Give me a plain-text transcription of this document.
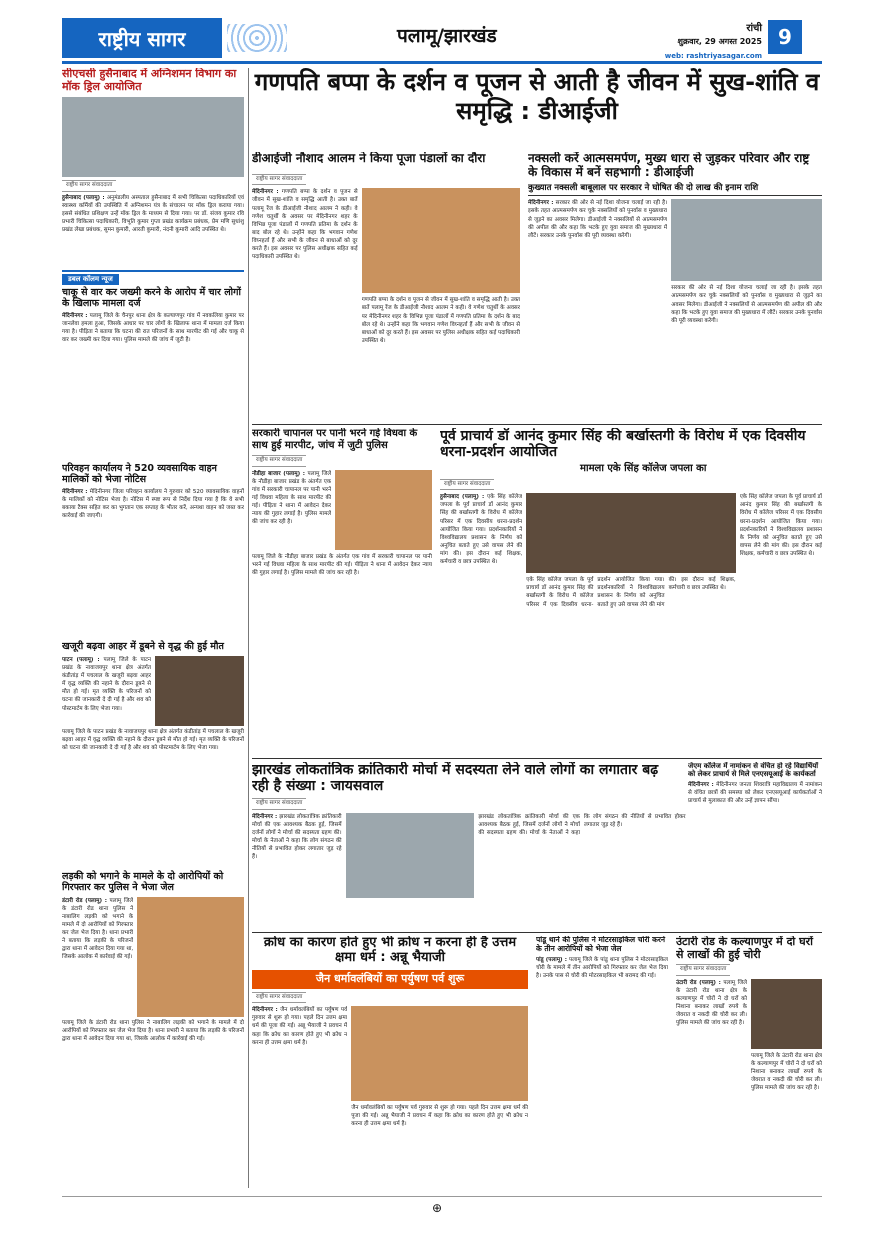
राष्ट्रीय सागर	पलामू/झारखंड	रांची
शुक्रवार, 29 अगस्त 2025
web: rashtriyasagar.com
9
सीएचसी हुसैनाबाद में अग्निशमन विभाग का मॉक ड्रिल आयोजित
राष्ट्रीय सागर संवाददाता
हुसैनाबाद (पलामू) : अनुमंडलीय अस्पताल हुसैनाबाद में सभी चिकित्सा पदाधिकारियों एवं स्वास्थ्य कर्मियों की उपस्थिति में अग्निशमन यंत्र के संचालन पर मॉक ड्रिल कराया गया। इससे संबंधित प्रशिक्षण उन्हें मॉक ड्रिल के माध्यम से दिया गया। पर डॉ. संजय कुमार रवि प्रभारी चिकित्सा पदाधिकारी, विभूति कुमार गुप्ता प्रखंड कार्यक्रम प्रबंधक, प्रेम मणि सुधांशु प्रखंड लेखा प्रबंधक, सुमन कुमारी, आरती कुमारी, नंदनी कुमारी आदि उपस्थित थे।
डबल कॉलम न्यूज
चाकू से वार कर जख्मी करने के आरोप में चार लोगों के खिलाफ मामला दर्ज
मेदिनीनगर : पलामू जिले के चैनपुर थाना क्षेत्र के कल्याणपुर गांव में नवकलिया कुमार पर जानलेवा हमला हुआ, जिसके आधार पर चार लोगों के खिलाफ थाना में मामला दर्ज किया गया है। पीड़िता ने बताया कि घटना की रात परिजनों के साथ मारपीट की गई और चाकू से वार कर जख्मी कर दिया गया। पुलिस मामले की जांच में जुटी है।
परिवहन कार्यालय ने 520 व्यवसायिक वाहन मालिकों को भेजा नोटिस
मेदिनीनगर : मेदिनीनगर जिला परिवहन कार्यालय ने गुरुवार को 520 व्यावसायिक वाहनों के मालिकों को नोटिस भेजा है। नोटिस में स्पष्ट रूप से निर्देश दिया गया है कि वे सभी बकाया टैक्स सहित कर का भुगतान एक सप्ताह के भीतर करें, अन्यथा वाहन को जब्त कर कार्रवाई की जाएगी।
खजूरी बढ़वा आहर में डूबने से वृद्ध की हुई मौत
पाटन (पलामू) : पलामू जिले के पाटन प्रखंड के नावाजयपुर थाना क्षेत्र अंतर्गत कंडीतांड़ में पचलाल के खजूरी बढ़वा आहर में वृद्ध व्यक्ति की नहाने के दौरान डूबने से मौत हो गई। मृत व्यक्ति के परिजनों को घटना की जानकारी दे दी गई है और शव को पोस्टमार्टम के लिए भेजा गया।
पलामू जिले के पाटन प्रखंड के नावाजयपुर थाना क्षेत्र अंतर्गत कंडीतांड़ में पचलाल के खजूरी बढ़वा आहर में वृद्ध व्यक्ति की नहाने के दौरान डूबने से मौत हो गई। मृत व्यक्ति के परिजनों को घटना की जानकारी दे दी गई है और शव को पोस्टमार्टम के लिए भेजा गया।
लड़की को भगाने के मामले के दो आरोपियों को गिरफ्तार कर पुलिस ने भेजा जेल
डंटारी रोड (पलामू) : पलामू जिले के डंटारी रोड थाना पुलिस ने नाबालिग लड़की को भगाने के मामले में दो आरोपियों को गिरफ्तार कर जेल भेज दिया है। थाना प्रभारी ने बताया कि लड़की के परिजनों द्वारा थाना में आवेदन दिया गया था, जिसके आलोक में कार्रवाई की गई।
पलामू जिले के डंटारी रोड थाना पुलिस ने नाबालिग लड़की को भगाने के मामले में दो आरोपियों को गिरफ्तार कर जेल भेज दिया है। थाना प्रभारी ने बताया कि लड़की के परिजनों द्वारा थाना में आवेदन दिया गया था, जिसके आलोक में कार्रवाई की गई।
गणपति बप्पा के दर्शन व पूजन से आती है जीवन में सुख-शांति व समृद्धि : डीआईजी
डीआईजी नौशाद आलम ने किया पूजा पंडालों का दौरा
राष्ट्रीय सागर संवाददाता
मेदिनीनगर : गणपति बप्पा के दर्शन व पूजन से जीवन में सुख-शांति व समृद्धि आती है। उक्त बातें पलामू रेंज के डीआईजी नौशाद आलम ने कही। वे गणेश चतुर्थी के अवसर पर मेदिनीनगर शहर के विभिन्न पूजा पंडालों में गणपति प्रतिमा के दर्शन के बाद बोल रहे थे। उन्होंने कहा कि भगवान गणेश विघ्नहर्ता हैं और सभी के जीवन से बाधाओं को दूर करते हैं। इस अवसर पर पुलिस अधीक्षक सहित कई पदाधिकारी उपस्थित थे।
गणपति बप्पा के दर्शन व पूजन से जीवन में सुख-शांति व समृद्धि आती है। उक्त बातें पलामू रेंज के डीआईजी नौशाद आलम ने कही। वे गणेश चतुर्थी के अवसर पर मेदिनीनगर शहर के विभिन्न पूजा पंडालों में गणपति प्रतिमा के दर्शन के बाद बोल रहे थे। उन्होंने कहा कि भगवान गणेश विघ्नहर्ता हैं और सभी के जीवन से बाधाओं को दूर करते हैं। इस अवसर पर पुलिस अधीक्षक सहित कई पदाधिकारी उपस्थित थे।
नक्सली करें आत्मसमर्पण, मुख्य धारा से जुड़कर परिवार और राष्ट्र के विकास में बनें सहभागी : डीआईजी
कुख्यात नक्सली बाबूलाल पर सरकार ने घोषित की दो लाख की इनाम राशि
मेदिनीनगर : सरकार की ओर से नई दिशा योजना चलाई जा रही है। इसके तहत आत्मसमर्पण कर चुके नक्सलियों को पुनर्वास व मुख्यधारा से जुड़ने का अवसर मिलेगा। डीआईजी ने नक्सलियों से आत्मसमर्पण की अपील की और कहा कि भटके हुए युवा समाज की मुख्यधारा में लौटें। सरकार उनके पुनर्वास की पूरी व्यवस्था करेगी।
सरकार की ओर से नई दिशा योजना चलाई जा रही है। इसके तहत आत्मसमर्पण कर चुके नक्सलियों को पुनर्वास व मुख्यधारा से जुड़ने का अवसर मिलेगा। डीआईजी ने नक्सलियों से आत्मसमर्पण की अपील की और कहा कि भटके हुए युवा समाज की मुख्यधारा में लौटें। सरकार उनके पुनर्वास की पूरी व्यवस्था करेगी।
सरकारी चापानल पर पानी भरने गई विधवा के साथ हुई मारपीट, जांच में जुटी पुलिस
राष्ट्रीय सागर संवाददाता
नौडीहा बाजार (पलामू) : पलामू जिले के नौडीहा बाजार प्रखंड के अंतर्गत एक गांव में सरकारी चापानल पर पानी भरने गई विधवा महिला के साथ मारपीट की गई। पीड़िता ने थाना में आवेदन देकर न्याय की गुहार लगाई है। पुलिस मामले की जांच कर रही है।
पलामू जिले के नौडीहा बाजार प्रखंड के अंतर्गत एक गांव में सरकारी चापानल पर पानी भरने गई विधवा महिला के साथ मारपीट की गई। पीड़िता ने थाना में आवेदन देकर न्याय की गुहार लगाई है। पुलिस मामले की जांच कर रही है।
पूर्व प्राचार्य डॉ आनंद कुमार सिंह की बर्खास्तगी के विरोध में एक दिवसीय धरना-प्रदर्शन आयोजित
मामला एके सिंह कॉलेज जपला का
राष्ट्रीय सागर संवाददाता
हुसैनाबाद (पलामू) : एके सिंह कॉलेज जपला के पूर्व प्राचार्य डॉ आनंद कुमार सिंह की बर्खास्तगी के विरोध में कॉलेज परिसर में एक दिवसीय धरना-प्रदर्शन आयोजित किया गया। प्रदर्शनकारियों ने विश्वविद्यालय प्रशासन के निर्णय को अनुचित बताते हुए उसे वापस लेने की मांग की। इस दौरान कई शिक्षक, कर्मचारी व छात्र उपस्थित थे।
एके सिंह कॉलेज जपला के पूर्व प्राचार्य डॉ आनंद कुमार सिंह की बर्खास्तगी के विरोध में कॉलेज परिसर में एक दिवसीय धरना-प्रदर्शन आयोजित किया गया। प्रदर्शनकारियों ने विश्वविद्यालय प्रशासन के निर्णय को अनुचित बताते हुए उसे वापस लेने की मांग की। इस दौरान कई शिक्षक, कर्मचारी व छात्र उपस्थित थे।
एके सिंह कॉलेज जपला के पूर्व प्राचार्य डॉ आनंद कुमार सिंह की बर्खास्तगी के विरोध में कॉलेज परिसर में एक दिवसीय धरना-प्रदर्शन आयोजित किया गया। प्रदर्शनकारियों ने विश्वविद्यालय प्रशासन के निर्णय को अनुचित बताते हुए उसे वापस लेने की मांग की। इस दौरान कई शिक्षक, कर्मचारी व छात्र उपस्थित थे।
झारखंड लोकतांत्रिक क्रांतिकारी मोर्चा में सदस्यता लेने वाले लोगों का लगातार बढ़ रही है संख्या : जायसवाल
राष्ट्रीय सागर संवाददाता
मेदिनीनगर : झारखंड लोकतांत्रिक क्रांतिकारी मोर्चा की एक आवश्यक बैठक हुई, जिसमें दर्जनों लोगों ने मोर्चा की सदस्यता ग्रहण की। मोर्चा के नेताओं ने कहा कि लोग संगठन की नीतियों से प्रभावित होकर लगातार जुड़ रहे हैं।
झारखंड लोकतांत्रिक क्रांतिकारी मोर्चा की एक आवश्यक बैठक हुई, जिसमें दर्जनों लोगों ने मोर्चा की सदस्यता ग्रहण की। मोर्चा के नेताओं ने कहा कि लोग संगठन की नीतियों से प्रभावित होकर लगातार जुड़ रहे हैं।
जेएम कॉलेज में नामांकन से वंचित हो रहे विद्यार्थियों को लेकर प्राचार्य से मिले एनएसयूआई के कार्यकर्ता
मेदिनीनगर : मेदिनीनगर जनता शिवरात्रि महाविद्यालय में नामांकन से वंचित छात्रों की समस्या को लेकर एनएसयूआई कार्यकर्ताओं ने प्राचार्य से मुलाकात की और उन्हें ज्ञापन सौंपा।
क्रोध का कारण होते हुए भी क्रोध न करना ही है उत्तम क्षमा धर्म : अन्नू भैयाजी
जैन धर्मावलंबियों का पर्युषण पर्व शुरू
राष्ट्रीय सागर संवाददाता
मेदिनीनगर : जैन धर्मावलंबियों का पर्युषण पर्व गुरुवार से शुरू हो गया। पहले दिन उत्तम क्षमा धर्म की पूजा की गई। अन्नू भैयाजी ने प्रवचन में कहा कि क्रोध का कारण होते हुए भी क्रोध न करना ही उत्तम क्षमा धर्म है।
जैन धर्मावलंबियों का पर्युषण पर्व गुरुवार से शुरू हो गया। पहले दिन उत्तम क्षमा धर्म की पूजा की गई। अन्नू भैयाजी ने प्रवचन में कहा कि क्रोध का कारण होते हुए भी क्रोध न करना ही उत्तम क्षमा धर्म है।
पांडू थाने की पुलिस ने मोटरसाइकिल चोरी करने के तीन आरोपियों को भेजा जेल
पांडू (पलामू) : पलामू जिले के पांडू थाना पुलिस ने मोटरसाइकिल चोरी के मामले में तीन आरोपियों को गिरफ्तार कर जेल भेज दिया है। उनके पास से चोरी की मोटरसाइकिल भी बरामद की गई।
उंटारी रोड के कल्याणपुर में दो घरों से लाखों की हुई चोरी
राष्ट्रीय सागर संवाददाता
उंटारी रोड (पलामू) : पलामू जिले के उंटारी रोड थाना क्षेत्र के कल्याणपुर में चोरों ने दो घरों को निशाना बनाकर लाखों रुपये के जेवरात व नकदी की चोरी कर ली। पुलिस मामले की जांच कर रही है।
पलामू जिले के उंटारी रोड थाना क्षेत्र के कल्याणपुर में चोरों ने दो घरों को निशाना बनाकर लाखों रुपये के जेवरात व नकदी की चोरी कर ली। पुलिस मामले की जांच कर रही है।
⊕
